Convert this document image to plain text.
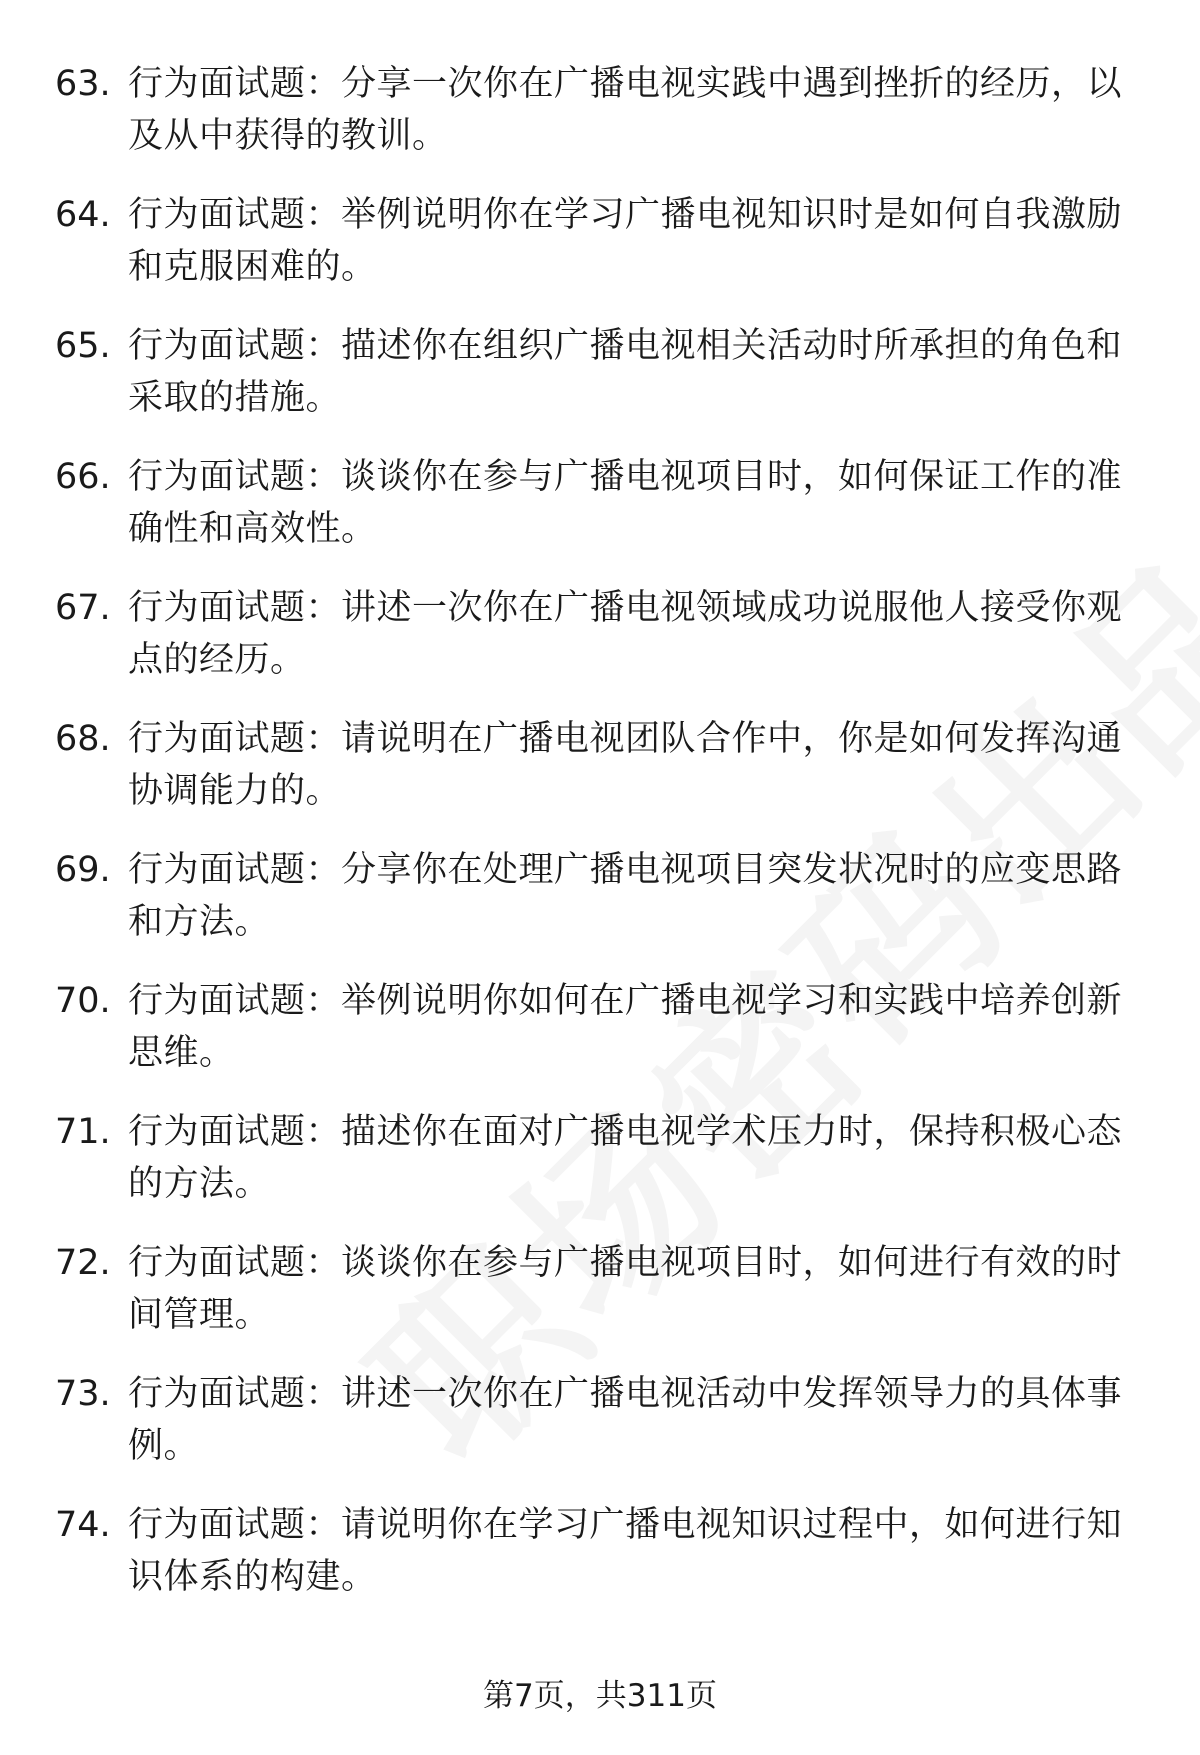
63. 行为面试题：分享一次你在广播电视实践中遇到挫折的经历，以及从中获得的教训。
64. 行为面试题：举例说明你在学习广播电视知识时是如何自我激励和克服困难的。
65. 行为面试题：描述你在组织广播电视相关活动时所承担的角色和采取的措施。
66. 行为面试题：谈谈你在参与广播电视项目时，如何保证工作的准确性和高效性。
67. 行为面试题：讲述一次你在广播电视领域成功说服他人接受你观点的经历。
68. 行为面试题：请说明在广播电视团队合作中，你是如何发挥沟通协调能力的。
69. 行为面试题：分享你在处理广播电视项目突发状况时的应变思路和方法。
70. 行为面试题：举例说明你如何在广播电视学习和实践中培养创新思维。
71. 行为面试题：描述你在面对广播电视学术压力时，保持积极心态的方法。
72. 行为面试题：谈谈你在参与广播电视项目时，如何进行有效的时间管理。
73. 行为面试题：讲述一次你在广播电视活动中发挥领导力的具体事例。
74. 行为面试题：请说明你在学习广播电视知识过程中，如何进行知识体系的构建。
第7页，共311页
